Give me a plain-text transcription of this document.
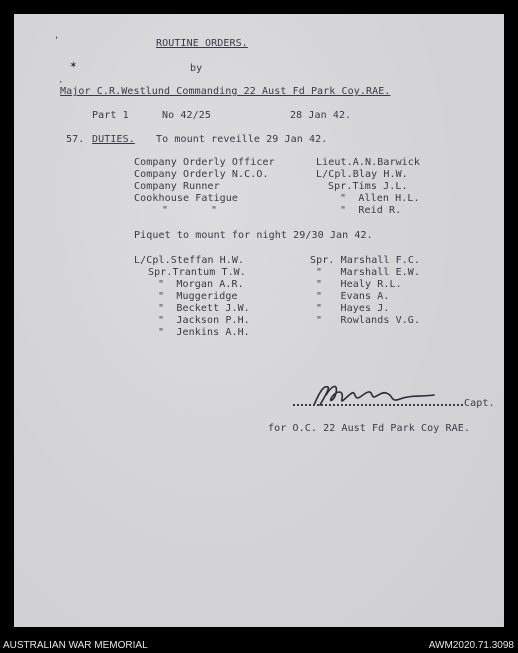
'
✶
·
ROUTINE ORDERS.
by
Major C.R.Westlund Commanding 22 Aust Fd Park Coy.RAE.
Part 1	No 42/25	28 Jan 42.
57. DUTIES. To mount reveille 29 Jan 42.
Company Orderly Officer	Lieut.A.N.Barwick
Company Orderly N.C.O.	L/Cpl.Blay H.W.
Company Runner	Spr.Tims J.L.
Cookhouse Fatigue	"  Allen H.L.
"       "	"  Reid R.
Piquet to mount for night 29/30 Jan 42.
L/Cpl.Steffan H.W.
Spr.Trantum T.W.
"  Morgan A.R.
"  Muggeridge
"  Beckett J.W.
"  Jackson P.H.
"  Jenkins A.H.
Spr. Marshall F.C.
"   Marshall E.W.
"   Healy R.L.
"   Evans A.
"   Hayes J.
"   Rowlands V.G.
Capt.
for O.C. 22 Aust Fd Park Coy RAE.
AUSTRALIAN WAR MEMORIAL	AWM2020.71.3098
